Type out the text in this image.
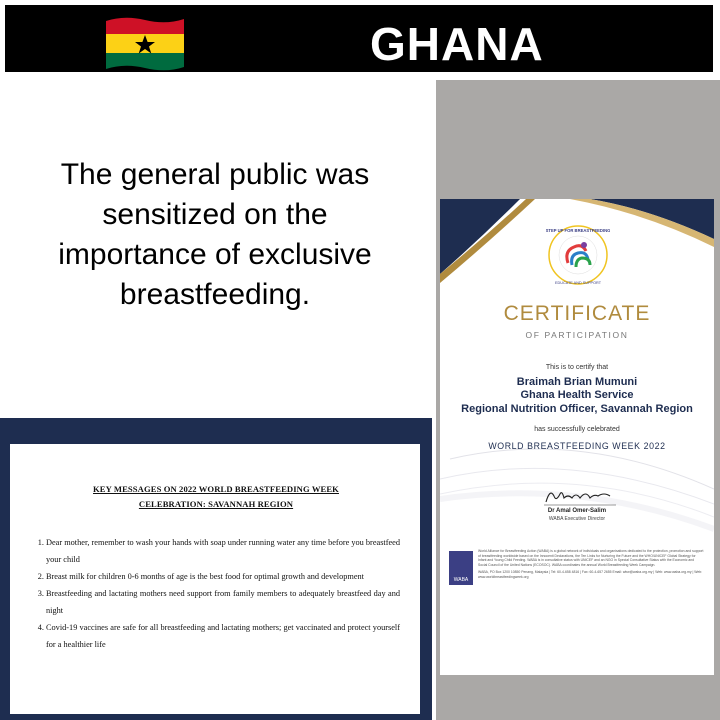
GHANA
The general public was
sensitized on the
importance of exclusive
breastfeeding.
KEY MESSAGES ON 2022 WORLD BREASTFEEDING WEEK
CELEBRATION: SAVANNAH REGION
1. Dear mother, remember to wash your hands with soap under running water any time before you breastfeed your child
2. Breast milk for children 0-6 months of age is the best food for optimal growth and development
3. Breastfeeding and lactating mothers need support from family members to adequately breastfeed day and night
4. Covid-19 vaccines are safe for all breastfeeding and lactating mothers; get vaccinated and protect yourself for a healthier life
STEP UP FOR BREASTFEEDING
EDUCATE AND SUPPORT
CERTIFICATE
OF PARTICIPATION
This is to certify that
Braimah Brian Mumuni
Ghana Health Service
Regional Nutrition Officer, Savannah Region
has successfully celebrated
WORLD BREASTFEEDING WEEK 2022
Dr Amal Omer-Salim
WABA Executive Director
WABA
World Alliance for Breastfeeding Action (WABA) is a global network of individuals and organisations dedicated to the protection, promotion and support of breastfeeding worldwide based on the Innocenti Declarations, the Ten Links for Nurturing the Future and the WHO/UNICEF Global Strategy for Infant and Young Child Feeding. WABA is in consultative status with UNICEF and an NGO in Special Consultative Status with the Economic and Social Council of the United Nations (ECOSOC). WABA coordinates the annual World Breastfeeding Week Campaign.
WABA, PO Box 1200 10850 Penang, Malaysia | Tel: 60-4-658 4816 | Fax: 60-4-657 2655 Email: wbw@waba.org.my | Web: www.waba.org.my | Web: www.worldbreastfeedingweek.org
